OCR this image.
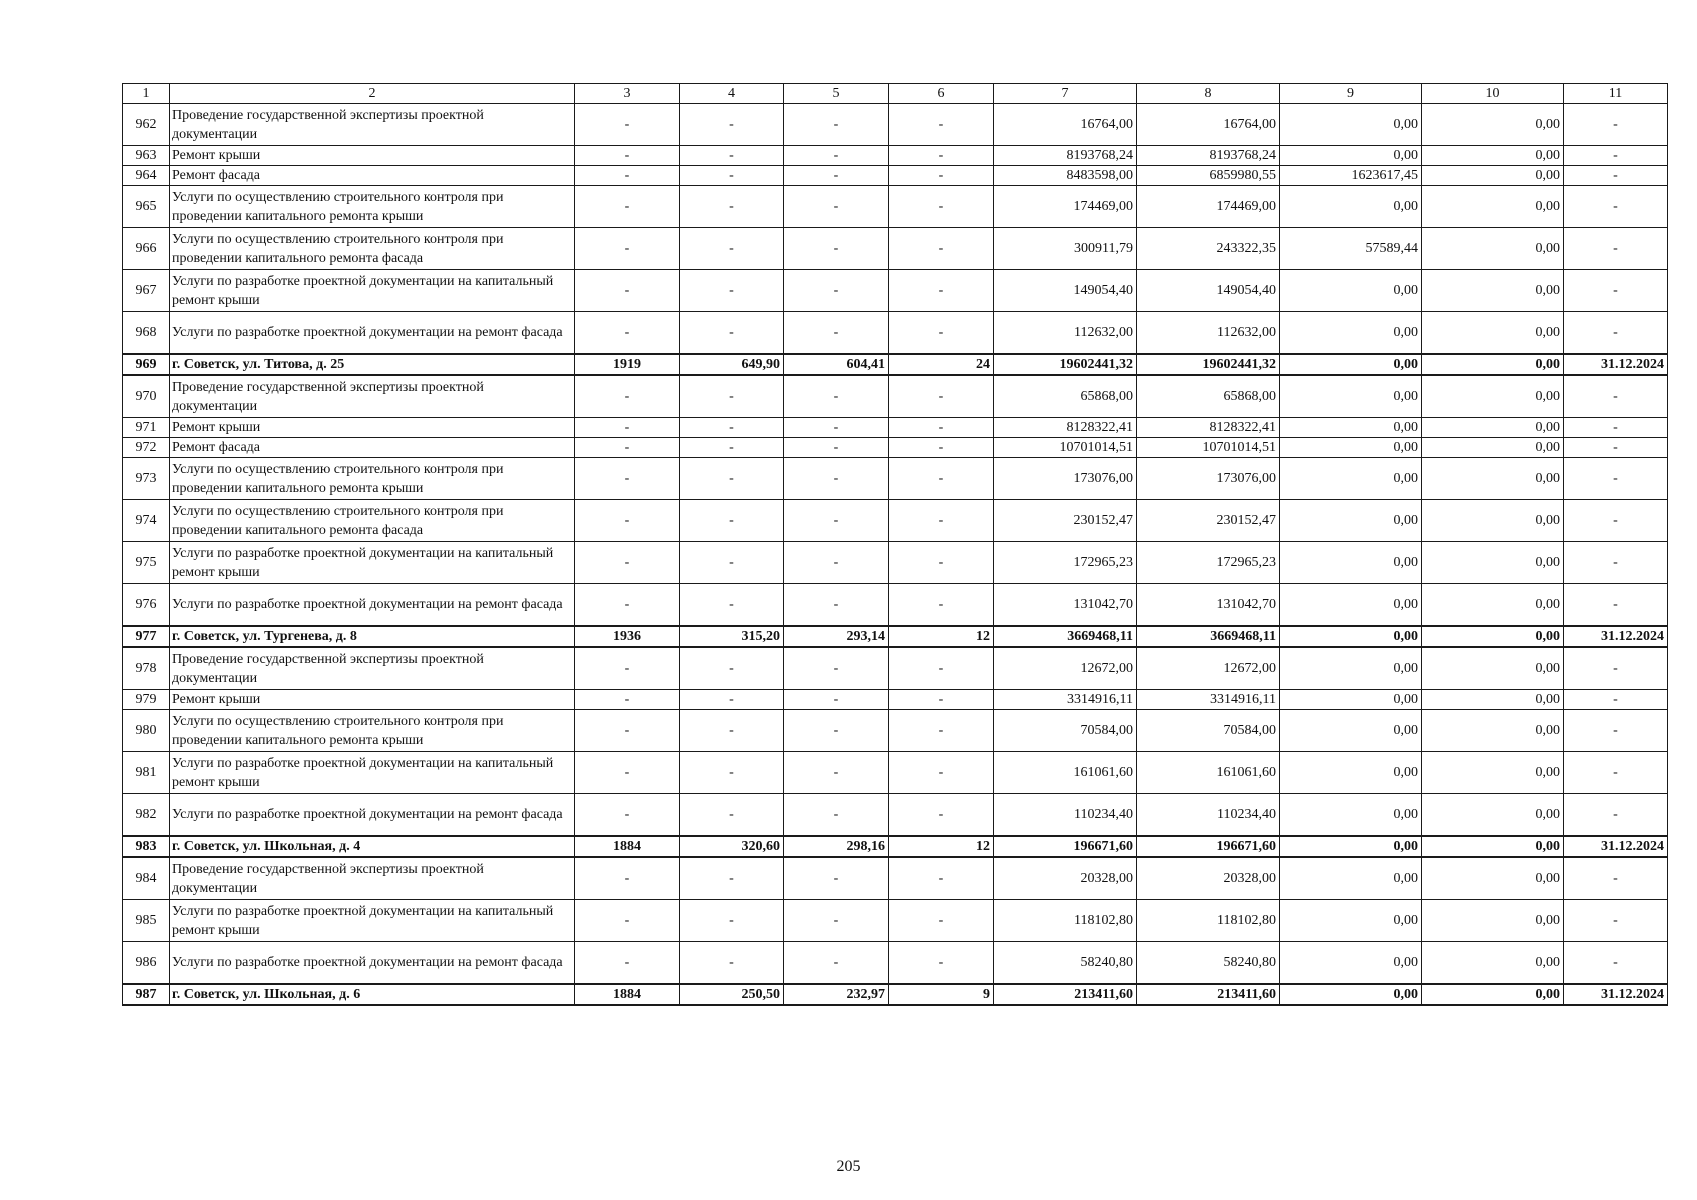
1	2	3	4	5	6	7	8	9	10	11
962	Проведение государственной экспертизы проектной документации	-	-	-	-	16764,00	16764,00	0,00	0,00	-
963	Ремонт крыши	-	-	-	-	8193768,24	8193768,24	0,00	0,00	-
964	Ремонт фасада	-	-	-	-	8483598,00	6859980,55	1623617,45	0,00	-
965	Услуги по осуществлению строительного контроля при проведении капитального ремонта крыши	-	-	-	-	174469,00	174469,00	0,00	0,00	-
966	Услуги по осуществлению строительного контроля при проведении капитального ремонта фасада	-	-	-	-	300911,79	243322,35	57589,44	0,00	-
967	Услуги по разработке проектной документации на капитальный ремонт крыши	-	-	-	-	149054,40	149054,40	0,00	0,00	-
968	Услуги по разработке проектной документации на ремонт фасада	-	-	-	-	112632,00	112632,00	0,00	0,00	-
969	г. Советск, ул. Титова, д. 25	1919	649,90	604,41	24	19602441,32	19602441,32	0,00	0,00	31.12.2024
970	Проведение государственной экспертизы проектной документации	-	-	-	-	65868,00	65868,00	0,00	0,00	-
971	Ремонт крыши	-	-	-	-	8128322,41	8128322,41	0,00	0,00	-
972	Ремонт фасада	-	-	-	-	10701014,51	10701014,51	0,00	0,00	-
973	Услуги по осуществлению строительного контроля при проведении капитального ремонта крыши	-	-	-	-	173076,00	173076,00	0,00	0,00	-
974	Услуги по осуществлению строительного контроля при проведении капитального ремонта фасада	-	-	-	-	230152,47	230152,47	0,00	0,00	-
975	Услуги по разработке проектной документации на капитальный ремонт крыши	-	-	-	-	172965,23	172965,23	0,00	0,00	-
976	Услуги по разработке проектной документации на ремонт фасада	-	-	-	-	131042,70	131042,70	0,00	0,00	-
977	г. Советск, ул. Тургенева, д. 8	1936	315,20	293,14	12	3669468,11	3669468,11	0,00	0,00	31.12.2024
978	Проведение государственной экспертизы проектной документации	-	-	-	-	12672,00	12672,00	0,00	0,00	-
979	Ремонт крыши	-	-	-	-	3314916,11	3314916,11	0,00	0,00	-
980	Услуги по осуществлению строительного контроля при проведении капитального ремонта крыши	-	-	-	-	70584,00	70584,00	0,00	0,00	-
981	Услуги по разработке проектной документации на капитальный ремонт крыши	-	-	-	-	161061,60	161061,60	0,00	0,00	-
982	Услуги по разработке проектной документации на ремонт фасада	-	-	-	-	110234,40	110234,40	0,00	0,00	-
983	г. Советск, ул. Школьная, д. 4	1884	320,60	298,16	12	196671,60	196671,60	0,00	0,00	31.12.2024
984	Проведение государственной экспертизы проектной документации	-	-	-	-	20328,00	20328,00	0,00	0,00	-
985	Услуги по разработке проектной документации на капитальный ремонт крыши	-	-	-	-	118102,80	118102,80	0,00	0,00	-
986	Услуги по разработке проектной документации на ремонт фасада	-	-	-	-	58240,80	58240,80	0,00	0,00	-
987	г. Советск, ул. Школьная, д. 6	1884	250,50	232,97	9	213411,60	213411,60	0,00	0,00	31.12.2024
205
